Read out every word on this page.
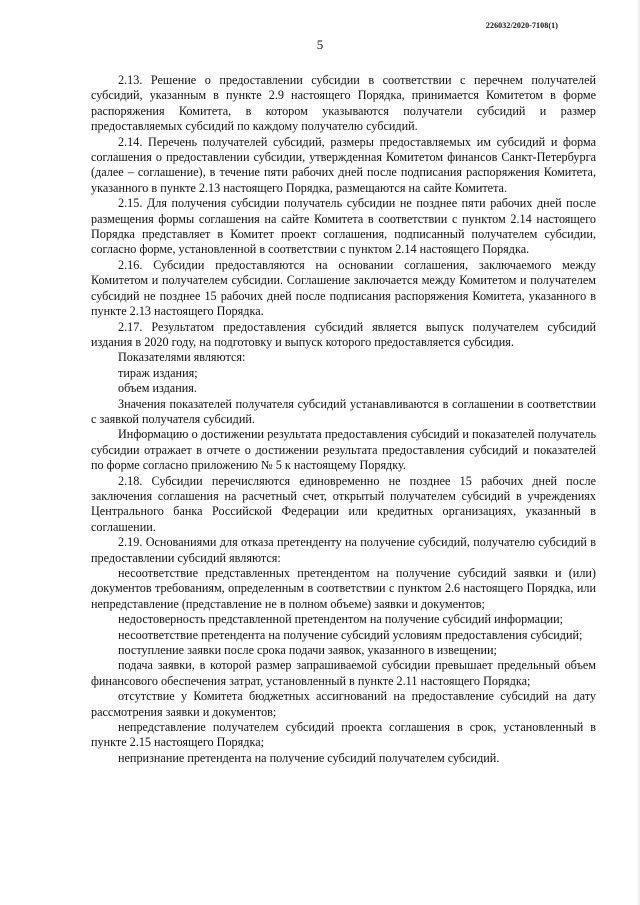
226032/2020-7108(1)
5

2.13. Решение о предоставлении субсидии в соответствии с перечнем получателей субсидий, указанным в пункте 2.9 настоящего Порядка, принимается Комитетом в форме распоряжения Комитета, в котором указываются получатели субсидий и размер предоставляемых субсидий по каждому получателю субсидий.

2.14. Перечень получателей субсидий, размеры предоставляемых им субсидий и форма соглашения о предоставлении субсидии, утвержденная Комитетом финансов Санкт-Петербурга (далее – соглашение), в течение пяти рабочих дней после подписания распоряжения Комитета, указанного в пункте 2.13 настоящего Порядка, размещаются на сайте Комитета.

2.15. Для получения субсидии получатель субсидии не позднее пяти рабочих дней после размещения формы соглашения на сайте Комитета в соответствии с пунктом 2.14 настоящего Порядка представляет в Комитет проект соглашения, подписанный получателем субсидии, согласно форме, установленной в соответствии с пунктом 2.14 настоящего Порядка.

2.16. Субсидии предоставляются на основании соглашения, заключаемого между Комитетом и получателем субсидии. Соглашение заключается между Комитетом и получателем субсидий не позднее 15 рабочих дней после подписания распоряжения Комитета, указанного в пункте 2.13 настоящего Порядка.

2.17. Результатом предоставления субсидий является выпуск получателем субсидий издания в 2020 году, на подготовку и выпуск которого предоставляется субсидия.

Показателями являются:

тираж издания;

объем издания.

Значения показателей получателя субсидий устанавливаются в соглашении в соответствии с заявкой получателя субсидий.

Информацию о достижении результата предоставления субсидий и показателей получатель субсидии отражает в отчете о достижении результата предоставления субсидий и показателей по форме согласно приложению № 5 к настоящему Порядку.

2.18. Субсидии перечисляются единовременно не позднее 15 рабочих дней после заключения соглашения на расчетный счет, открытый получателем субсидий в учреждениях Центрального банка Российской Федерации или кредитных организациях, указанный в соглашении.

2.19. Основаниями для отказа претенденту на получение субсидий, получателю субсидий в предоставлении субсидий являются:

несоответствие представленных претендентом на получение субсидий заявки и (или) документов требованиям, определенным в соответствии с пунктом 2.6 настоящего Порядка, или непредставление (представление не в полном объеме) заявки и документов;

недостоверность представленной претендентом на получение субсидий информации;

несоответствие претендента на получение субсидий условиям предоставления субсидий;

поступление заявки после срока подачи заявок, указанного в извещении;

подача заявки, в которой размер запрашиваемой субсидии превышает предельный объем финансового обеспечения затрат, установленный в пункте 2.11 настоящего Порядка;

отсутствие у Комитета бюджетных ассигнований на предоставление субсидий на дату рассмотрения заявки и документов;

непредставление получателем субсидий проекта соглашения в срок, установленный в пункте 2.15 настоящего Порядка;

непризнание претендента на получение субсидий получателем субсидий.
